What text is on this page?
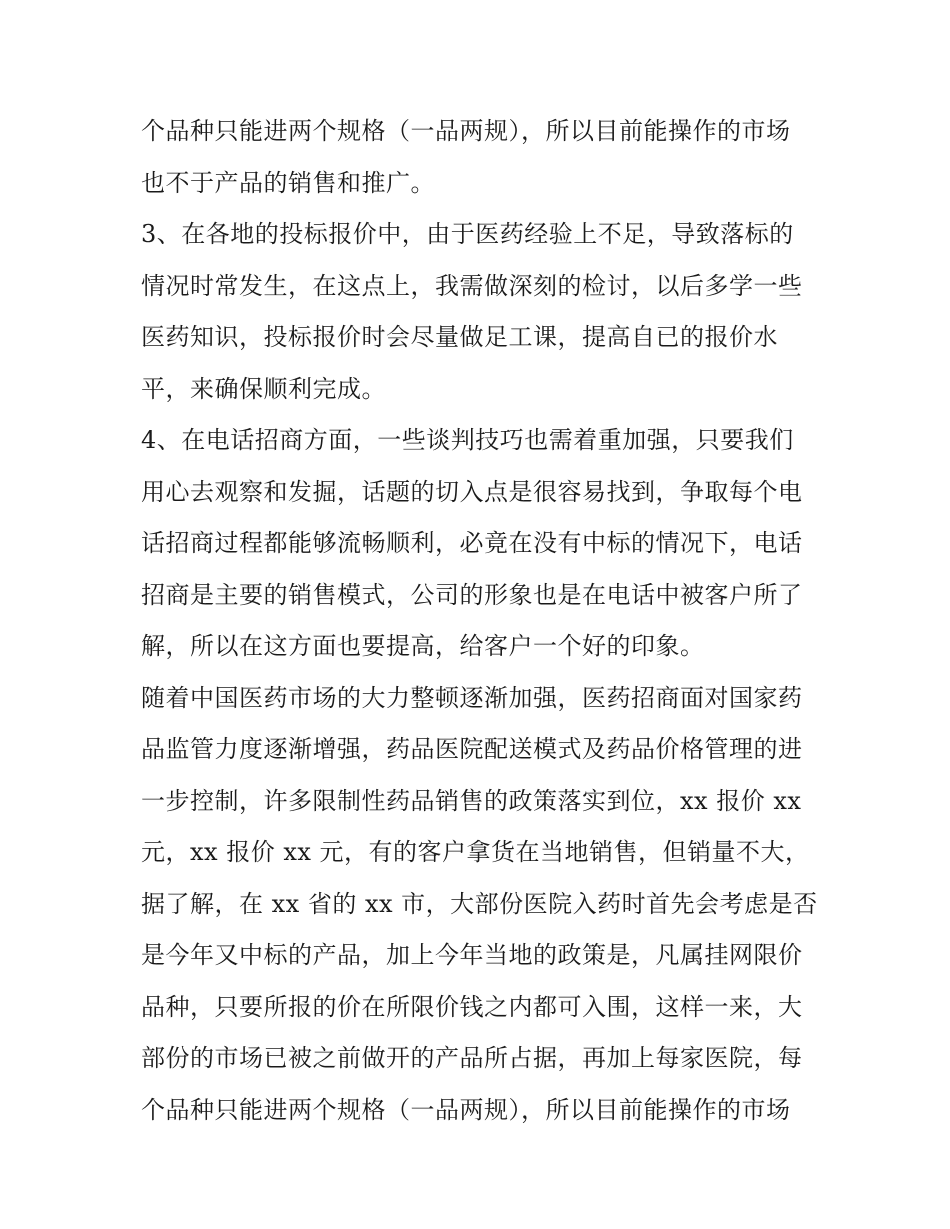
个品种只能进两个规格（一品两规），所以目前能操作的市场
也不于产品的销售和推广。
3、在各地的投标报价中，由于医药经验上不足，导致落标的
情况时常发生，在这点上，我需做深刻的检讨，以后多学一些
医药知识，投标报价时会尽量做足工课，提高自已的报价水
平，来确保顺利完成。
4、在电话招商方面，一些谈判技巧也需着重加强，只要我们
用心去观察和发掘，话题的切入点是很容易找到，争取每个电
话招商过程都能够流畅顺利，必竟在没有中标的情况下，电话
招商是主要的销售模式，公司的形象也是在电话中被客户所了
解，所以在这方面也要提高，给客户一个好的印象。
随着中国医药市场的大力整顿逐渐加强，医药招商面对国家药
品监管力度逐渐增强，药品医院配送模式及药品价格管理的进
一步控制，许多限制性药品销售的政策落实到位，xx 报价 xx
元，xx 报价 xx 元，有的客户拿货在当地销售，但销量不大，
据了解，在 xx 省的 xx 市，大部份医院入药时首先会考虑是否
是今年又中标的产品，加上今年当地的政策是，凡属挂网限价
品种，只要所报的价在所限价钱之内都可入围，这样一来，大
部份的市场已被之前做开的产品所占据，再加上每家医院，每
个品种只能进两个规格（一品两规），所以目前能操作的市场
